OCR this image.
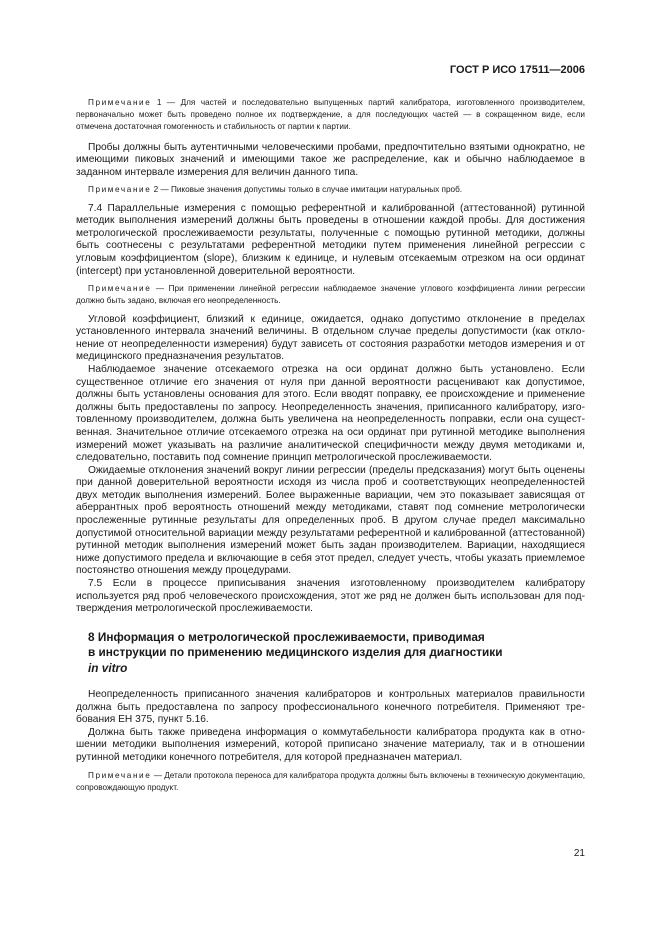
ГОСТ Р ИСО 17511—2006

Примечание 1 — Для частей и последовательно выпущенных партий калибратора, изготовленного производителем, первоначально может быть проведено полное их подтверждение, а для последующих частей — в сокращенном виде, если отмечена достаточная гомогенность и стабильность от партии к партии.

Пробы должны быть аутентичными человеческими пробами, предпочтительно взятыми однократно, не имеющими пиковых значений и имеющими такое же распределение, как и обычно наблюдаемое в заданном интервале измерения для величин данного типа.

Примечание 2 — Пиковые значения допустимы только в случае имитации натуральных проб.

7.4 Параллельные измерения с помощью референтной и калиброванной (аттестованной) рутинной методик выполнения измерений должны быть проведены в отношении каждой пробы. Для достижения метрологической прослеживаемости результаты, полученные с помощью рутинной методики, должны быть соотнесены с результатами референтной методики путем применения линейной регрессии с угловым коэффициентом (slope), близким к единице, и нулевым отсекаемым отрезком на оси ординат (intercept) при установленной доверительной вероятности.

Примечание — При применении линейной регрессии наблюдаемое значение углового коэффициента линии регрессии должно быть задано, включая его неопределенность.

Угловой коэффициент, близкий к единице, ожидается, однако допустимо отклонение в пределах установленного интервала значений величины. В отдельном случае пределы допустимости (как отклонение от неопределенности измерения) будут зависеть от состояния разработки методов измерения и от медицинского предназначения результатов.

Наблюдаемое значение отсекаемого отрезка на оси ординат должно быть установлено. Если существенное отличие его значения от нуля при данной вероятности расценивают как допустимое, должны быть установлены основания для этого. Если вводят поправку, ее происхождение и применение должны быть предоставлены по запросу. Неопределенность значения, приписанного калибратору, изготовленному производителем, должна быть увеличена на неопределенность поправки, если она существенная. Значительное отличие отсекаемого отрезка на оси ординат при рутинной методике выполнения измерений может указывать на различие аналитической специфичности между двумя методиками и, следовательно, поставить под сомнение принцип метрологической прослеживаемости.

Ожидаемые отклонения значений вокруг линии регрессии (пределы предсказания) могут быть оценены при данной доверительной вероятности исходя из числа проб и соответствующих неопределенностей двух методик выполнения измерений. Более выраженные вариации, чем это показывает зависящая от аберрантных проб вероятность отношений между методиками, ставят под сомнение метрологически прослеженные рутинные результаты для определенных проб. В другом случае предел максимально допустимой относительной вариации между результатами референтной и калиброванной (аттестованной) рутинной методик выполнения измерений может быть задан производителем. Вариации, находящиеся ниже допустимого предела и включающие в себя этот предел, следует учесть, чтобы указать приемлемое постоянство отношения между процедурами.

7.5 Если в процессе приписывания значения изготовленному производителем калибратору используется ряд проб человеческого происхождения, этот же ряд не должен быть использован для подтверждения метрологической прослеживаемости.

8 Информация о метрологической прослеживаемости, приводимая
в инструкции по применению медицинского изделия для диагностики
in vitro

Неопределенность приписанного значения калибраторов и контрольных материалов правильности должна быть предоставлена по запросу профессионального конечного потребителя. Применяют требования ЕН 375, пункт 5.16.

Должна быть также приведена информация о коммутабельности калибратора продукта как в отношении методики выполнения измерений, которой приписано значение материалу, так и в отношении рутинной методики конечного потребителя, для которой предназначен материал.

Примечание — Детали протокола переноса для калибратора продукта должны быть включены в техническую документацию, сопровождающую продукт.

21
